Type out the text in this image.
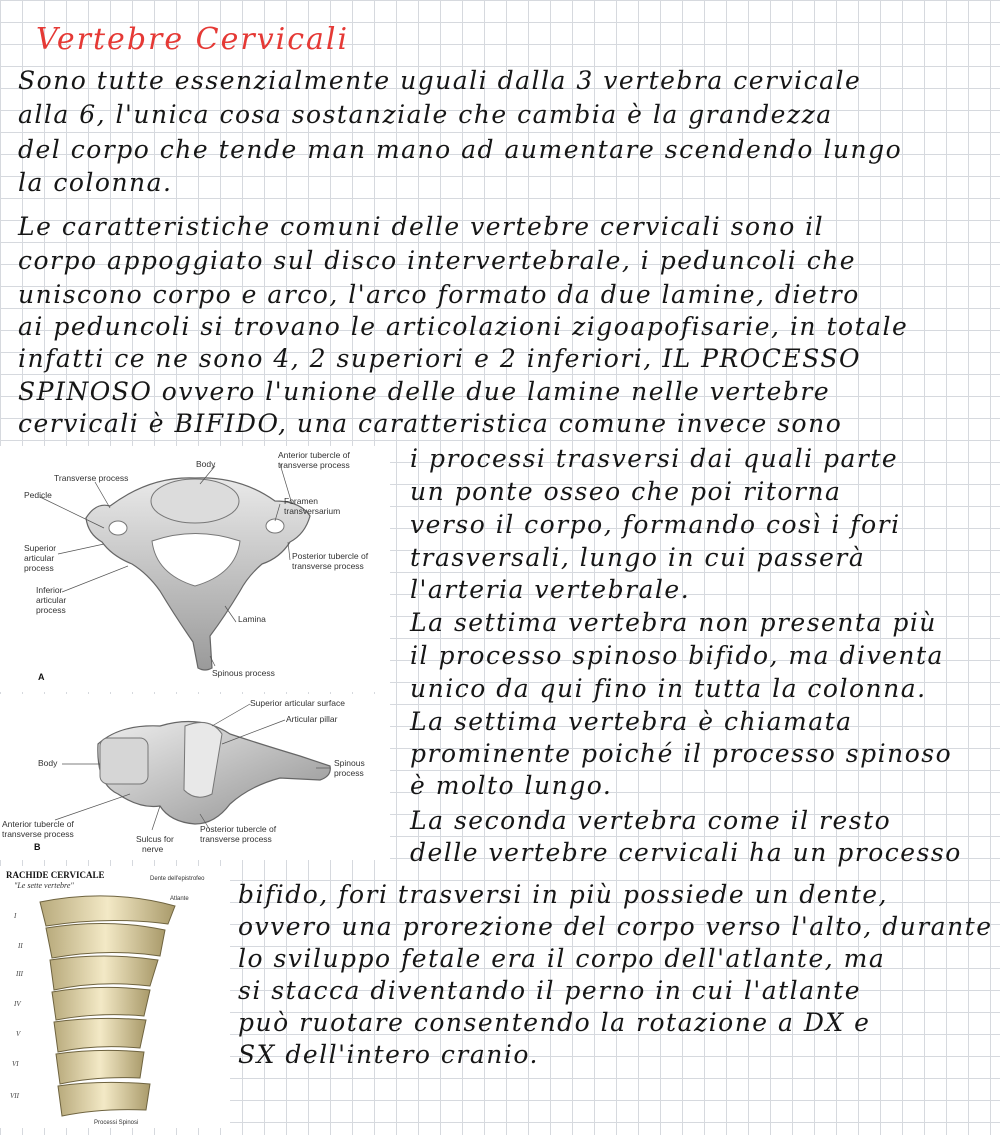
Vertebre Cervicali
Sono tutte essenzialmente uguali dalla 3 vertebra cervicale
alla 6, l'unica cosa sostanziale che cambia è la grandezza
del corpo che tende man mano ad aumentare scendendo lungo
la colonna.
Le caratteristiche comuni delle vertebre cervicali sono il
corpo appoggiato sul disco intervertebrale, i peduncoli che
uniscono corpo e arco, l'arco formato da due lamine, dietro
ai peduncoli si trovano le articolazioni zigoapofisarie, in totale
infatti ce ne sono 4, 2 superiori e 2 inferiori, IL PROCESSO
SPINOSO ovvero l'unione delle due lamine nelle vertebre
cervicali è BIFIDO, una caratteristica comune invece sono
i processi trasversi dai quali parte
un ponte osseo che poi ritorna
verso il corpo, formando così i fori
trasversali, lungo in cui passerà
l'arteria vertebrale.
La settima vertebra non presenta più
il processo spinoso bifido, ma diventa
unico da qui fino in tutta la colonna.
La settima vertebra è chiamata
prominente poiché il processo spinoso
è molto lungo.
La seconda vertebra come il resto
delle vertebre cervicali ha un processo
bifido, fori trasversi in più possiede un dente,
ovvero una prorezione del corpo verso l'alto, durante
lo sviluppo fetale era il corpo dell'atlante, ma
si stacca diventando il perno in cui l'atlante
può ruotare consentendo la rotazione a DX e
SX dell'intero cranio.
Body
Transverse process
Pedicle
Superior
articular
process
Inferior
articular
process
Anterior tubercle of
transverse process
Foramen
transversarium
Posterior tubercle of
transverse process
Lamina
Spinous process
A
Superior articular surface
Articular pillar
Body	Spinous
process
Anterior tubercle of
transverse process	Sulcus for
nerve
Posterior tubercle of
transverse process
B
RACHIDE CERVICALE
"Le sette vertebre"
Dente dell'epistrofeo
Atlante
Processi Spinosi
I
II
III
IV
V
VI
VII
